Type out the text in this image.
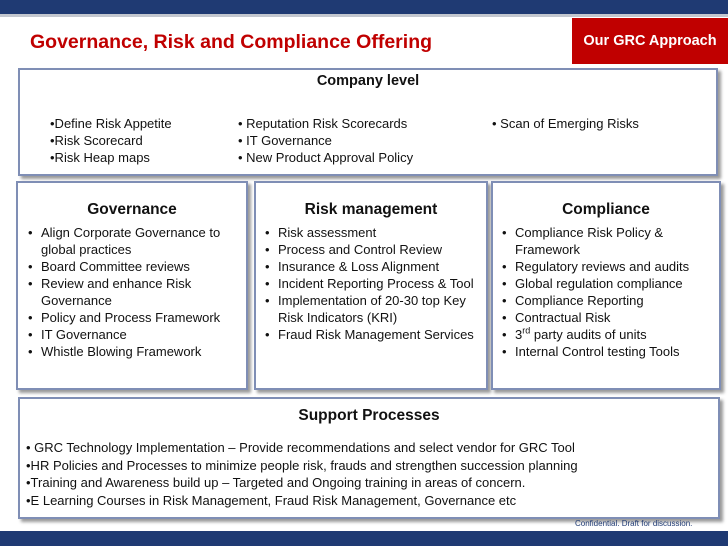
Governance, Risk and Compliance Offering	Our GRC Approach
Company level
•Define Risk Appetite
•Risk Scorecard
•Risk Heap maps
• Reputation Risk Scorecards
• IT Governance
• New Product Approval Policy
• Scan of Emerging Risks
Governance
• Align Corporate Governance to global practices
• Board Committee reviews
• Review and enhance Risk Governance
• Policy and Process Framework
• IT Governance
• Whistle Blowing Framework
Risk management
• Risk assessment
• Process and Control Review
• Insurance & Loss Alignment
• Incident Reporting Process & Tool
• Implementation of 20-30 top Key Risk Indicators (KRI)
• Fraud Risk Management Services
Compliance
• Compliance Risk Policy & Framework
• Regulatory reviews and audits
• Global regulation compliance
• Compliance Reporting
• Contractual Risk
• 3rd party audits of units
• Internal Control testing Tools
Support Processes
• GRC Technology Implementation – Provide recommendations and select vendor for GRC Tool
•HR Policies and Processes to minimize people risk, frauds and strengthen succession planning
•Training and Awareness build up – Targeted and Ongoing training in areas of concern.
•E Learning Courses in Risk Management, Fraud Risk Management, Governance etc
Confidential. Draft for discussion.
